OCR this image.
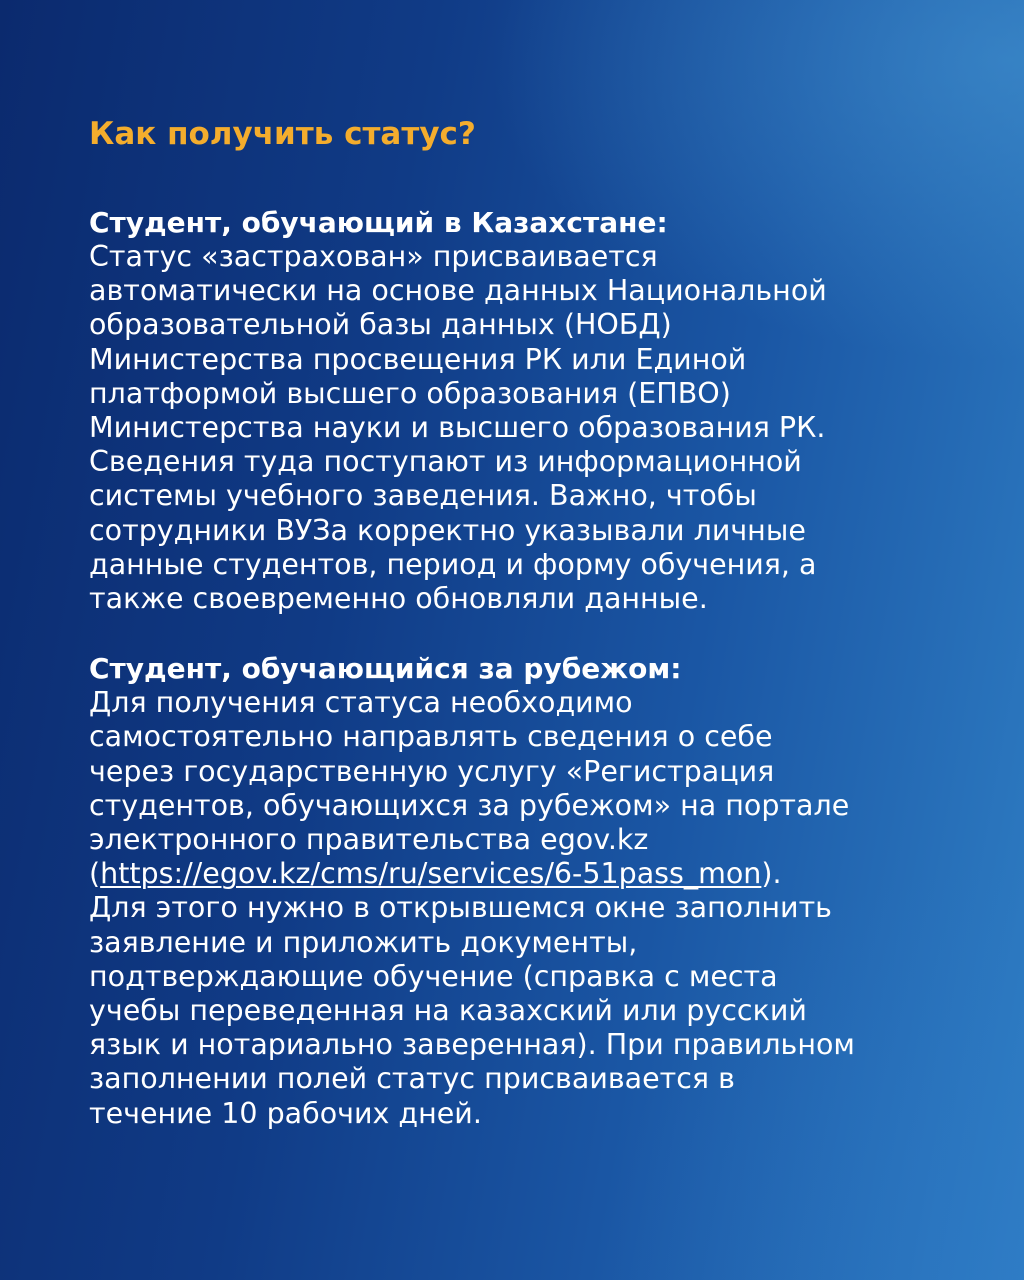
Как получить статус?

Студент, обучающий в Казахстане:

Статус «застрахован» присваивается
автоматически на основе данных Национальной
образовательной базы данных (НОБД)
Министерства просвещения РК или Единой
платформой высшего образования (ЕПВО)
Министерства науки и высшего образования РК.
Сведения туда поступают из информационной
системы учебного заведения. Важно, чтобы
сотрудники ВУЗа корректно указывали личные
данные студентов, период и форму обучения, а
также своевременно обновляли данные.

Студент, обучающийся за рубежом:

Для получения статуса необходимо
самостоятельно направлять сведения о себе
через государственную услугу «Регистрация
студентов, обучающихся за рубежом» на портале
электронного правительства egov.kz
(https://egov.kz/cms/ru/services/6-51pass_mon).
Для этого нужно в открывшемся окне заполнить
заявление и приложить документы,
подтверждающие обучение (справка с места
учебы переведенная на казахский или русский
язык и нотариально заверенная). При правильном
заполнении полей статус присваивается в
течение 10 рабочих дней.
